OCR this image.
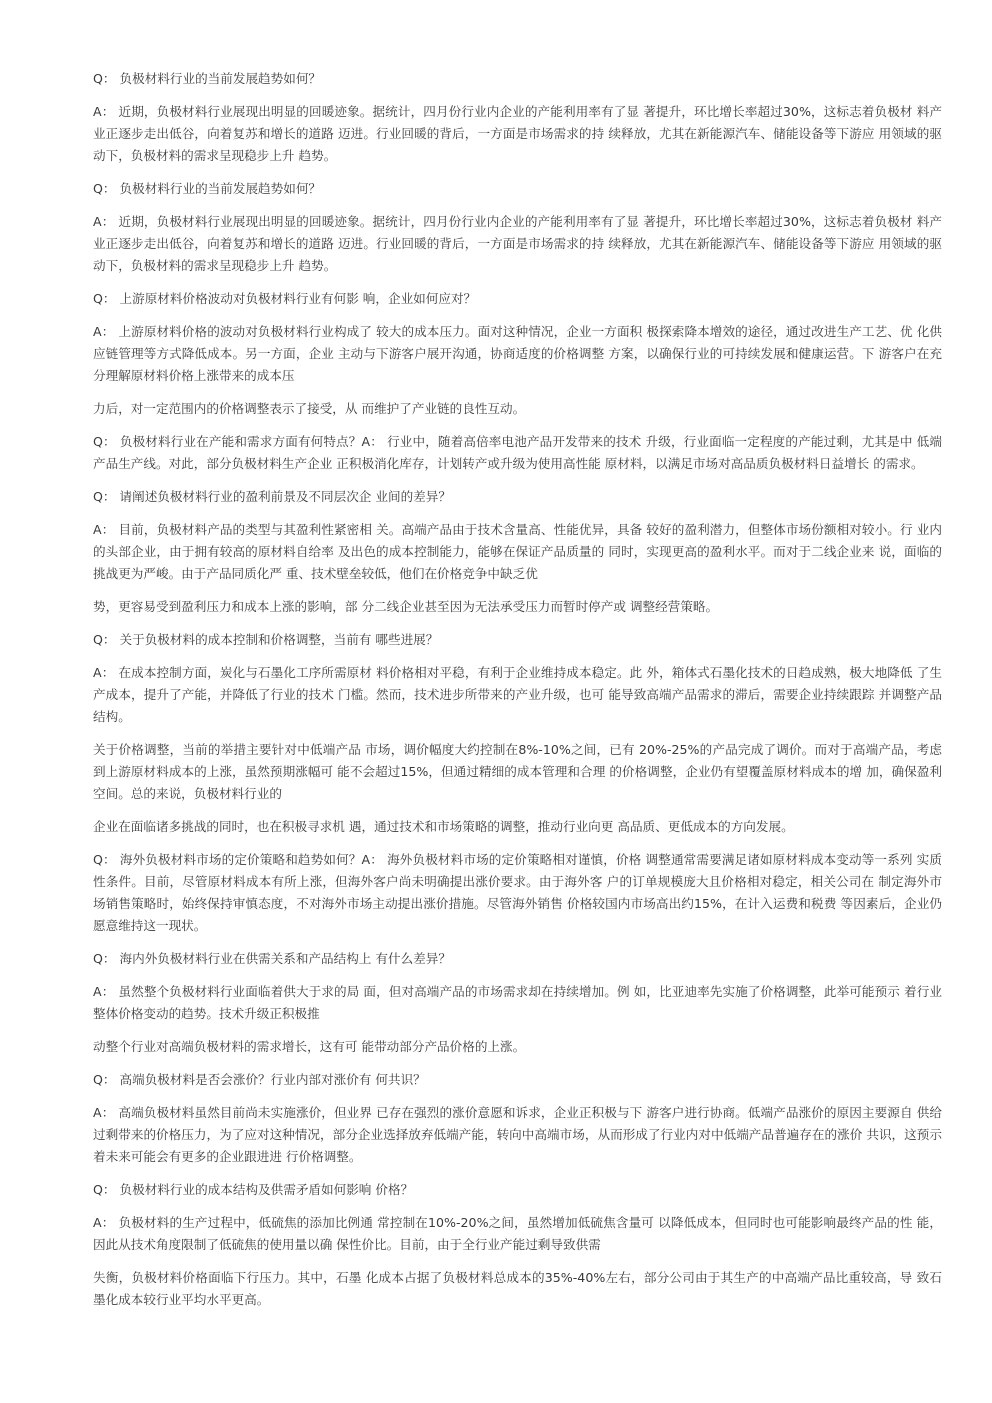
Q： 负极材料行业的当前发展趋势如何？

A： 近期，负极材料行业展现出明显的回暖迹象。据统计，四月份行业内企业的产能利用率有了显 著提升，环比增长率超过30%，这标志着负极材 料产业正逐步走出低谷，向着复苏和增长的道路 迈进。行业回暖的背后，一方面是市场需求的持 续释放，尤其在新能源汽车、储能设备等下游应 用领域的驱动下，负极材料的需求呈现稳步上升 趋势。

Q： 负极材料行业的当前发展趋势如何？

A： 近期，负极材料行业展现出明显的回暖迹象。据统计，四月份行业内企业的产能利用率有了显 著提升，环比增长率超过30%，这标志着负极材 料产业正逐步走出低谷，向着复苏和增长的道路 迈进。行业回暖的背后，一方面是市场需求的持 续释放，尤其在新能源汽车、储能设备等下游应 用领域的驱动下，负极材料的需求呈现稳步上升 趋势。

Q： 上游原材料价格波动对负极材料行业有何影 响，企业如何应对？

A： 上游原材料价格的波动对负极材料行业构成了 较大的成本压力。面对这种情况，企业一方面积 极探索降本增效的途径，通过改进生产工艺、优 化供应链管理等方式降低成本。另一方面，企业 主动与下游客户展开沟通，协商适度的价格调整 方案，以确保行业的可持续发展和健康运营。下 游客户在充分理解原材料价格上涨带来的成本压

力后，对一定范围内的价格调整表示了接受，从 而维护了产业链的良性互动。

Q： 负极材料行业在产能和需求方面有何特点？A： 行业中，随着高倍率电池产品开发带来的技术 升级，行业面临一定程度的产能过剩，尤其是中 低端产品生产线。对此，部分负极材料生产企业 正积极消化库存，计划转产或升级为使用高性能 原材料，以满足市场对高品质负极材料日益增长 的需求。

Q： 请阐述负极材料行业的盈利前景及不同层次企 业间的差异？

A： 目前，负极材料产品的类型与其盈利性紧密相 关。高端产品由于技术含量高、性能优异，具备 较好的盈利潜力，但整体市场份额相对较小。行 业内的头部企业，由于拥有较高的原材料自给率 及出色的成本控制能力，能够在保证产品质量的 同时，实现更高的盈利水平。而对于二线企业来 说，面临的挑战更为严峻。由于产品同质化严 重、技术壁垒较低，他们在价格竞争中缺乏优

势，更容易受到盈利压力和成本上涨的影响，部 分二线企业甚至因为无法承受压力而暂时停产或 调整经营策略。

Q： 关于负极材料的成本控制和价格调整，当前有 哪些进展？

A： 在成本控制方面，炭化与石墨化工序所需原材 料价格相对平稳，有利于企业维持成本稳定。此 外，箱体式石墨化技术的日趋成熟，极大地降低 了生产成本，提升了产能，并降低了行业的技术 门槛。然而，技术进步所带来的产业升级，也可 能导致高端产品需求的滞后，需要企业持续跟踪 并调整产品结构。

关于价格调整，当前的举措主要针对中低端产品 市场，调价幅度大约控制在8%-10%之间，已有 20%-25%的产品完成了调价。而对于高端产品，考虑到上游原材料成本的上涨，虽然预期涨幅可 能不会超过15%，但通过精细的成本管理和合理 的价格调整，企业仍有望覆盖原材料成本的增 加，确保盈利空间。总的来说，负极材料行业的

企业在面临诸多挑战的同时，也在积极寻求机 遇，通过技术和市场策略的调整，推动行业向更 高品质、更低成本的方向发展。

Q： 海外负极材料市场的定价策略和趋势如何？A： 海外负极材料市场的定价策略相对谨慎，价格 调整通常需要满足诸如原材料成本变动等一系列 实质性条件。目前，尽管原材料成本有所上涨，但海外客户尚未明确提出涨价要求。由于海外客 户的订单规模庞大且价格相对稳定，相关公司在 制定海外市场销售策略时，始终保持审慎态度，不对海外市场主动提出涨价措施。尽管海外销售 价格较国内市场高出约15%，在计入运费和税费 等因素后，企业仍愿意维持这一现状。

Q： 海内外负极材料行业在供需关系和产品结构上 有什么差异？

A： 虽然整个负极材料行业面临着供大于求的局 面，但对高端产品的市场需求却在持续增加。例 如，比亚迪率先实施了价格调整，此举可能预示 着行业整体价格变动的趋势。技术升级正积极推

动整个行业对高端负极材料的需求增长，这有可 能带动部分产品价格的上涨。

Q： 高端负极材料是否会涨价？行业内部对涨价有 何共识？

A： 高端负极材料虽然目前尚未实施涨价，但业界 已存在强烈的涨价意愿和诉求，企业正积极与下 游客户进行协商。低端产品涨价的原因主要源自 供给过剩带来的价格压力，为了应对这种情况，部分企业选择放弃低端产能，转向中高端市场，从而形成了行业内对中低端产品普遍存在的涨价 共识，这预示着未来可能会有更多的企业跟进进 行价格调整。

Q： 负极材料行业的成本结构及供需矛盾如何影响 价格？

A： 负极材料的生产过程中，低硫焦的添加比例通 常控制在10%-20%之间，虽然增加低硫焦含量可 以降低成本，但同时也可能影响最终产品的性 能，因此从技术角度限制了低硫焦的使用量以确 保性价比。目前，由于全行业产能过剩导致供需

失衡，负极材料价格面临下行压力。其中，石墨 化成本占据了负极材料总成本的35%-40%左右，部分公司由于其生产的中高端产品比重较高，导 致石墨化成本较行业平均水平更高。
